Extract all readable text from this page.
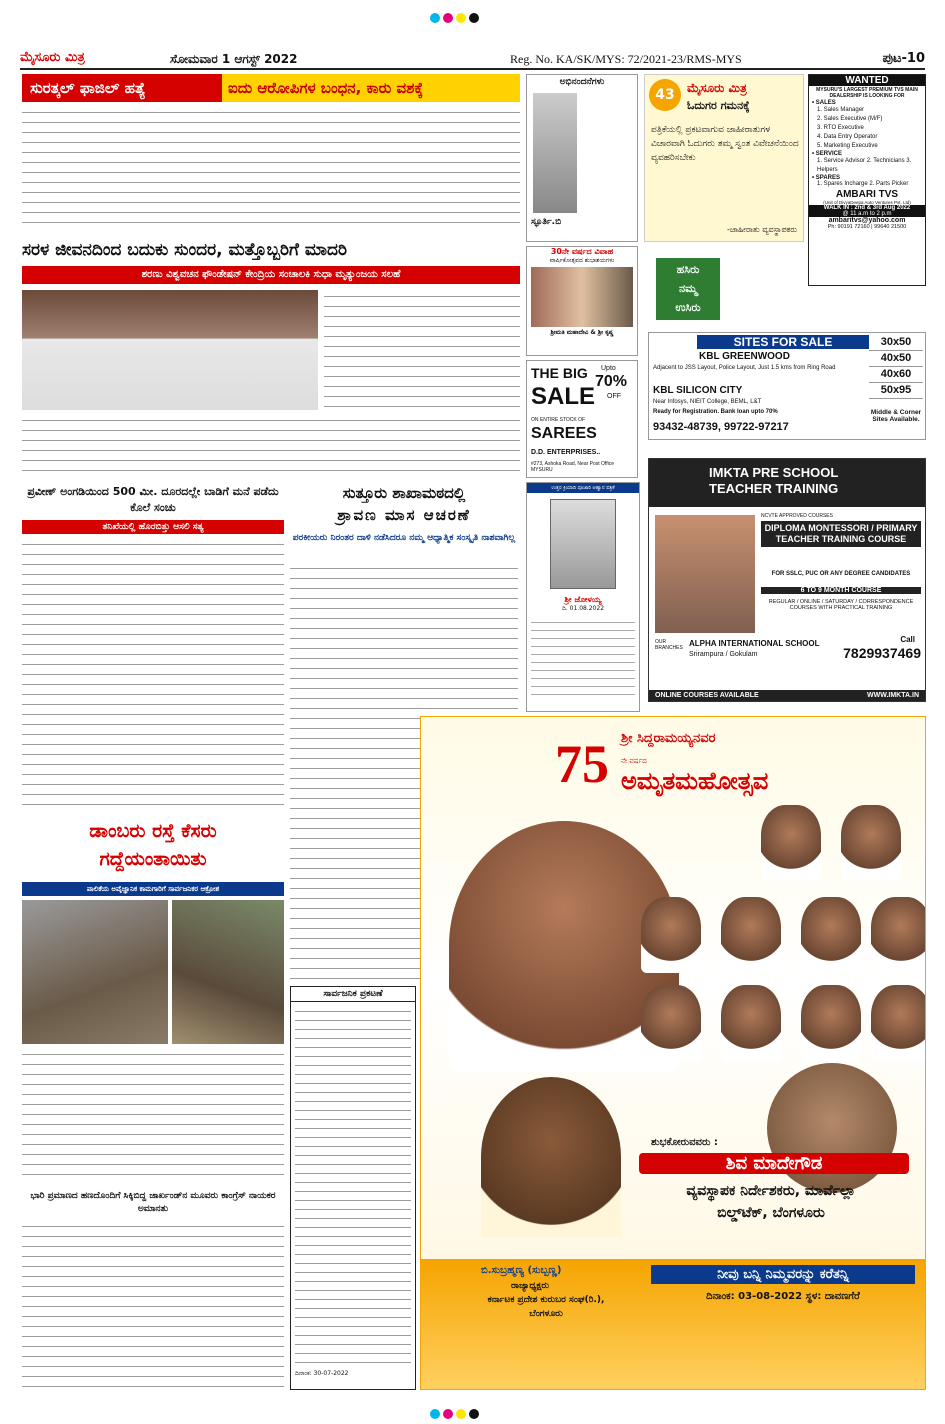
ಮೈಸೂರು ಮಿತ್ರ	ಸೋಮವಾರ 1 ಆಗಸ್ಟ್ 2022	Reg. No. KA/SK/MYS: 72/2021-23/RMS-MYS	ಪುಟ-10
ಸುರತ್ಕಲ್ ಫಾಜಿಲ್ ಹತ್ಯೆ	ಐದು ಆರೋಪಿಗಳ ಬಂಧನ, ಕಾರು ವಶಕ್ಕೆ
ಸರಳ ಜೀವನದಿಂದ ಬದುಕು ಸುಂದರ, ಮತ್ತೊಬ್ಬರಿಗೆ ಮಾದರಿ
ಶರಣು ವಿಶ್ವವಚನ ಫೌಂಡೇಷನ್ ಕೇಂದ್ರಿಯ ಸಂಚಾಲಕಿ ಸುಧಾ ಮೃತ್ಯುಂಜಯ ಸಲಹೆ
ಅಭಿನಂದನೆಗಳು
ಸ್ಫೂರ್ತಿ.ಬಿ
30ನೇ ವರ್ಷದ ವಿವಾಹ
ವಾರ್ಷಿಕೋತ್ಸವದ ಶುಭಾಶಯಗಳು
ಶ್ರೀಮತಿ ಮಹಾದೇವಿ & ಶ್ರೀ ಕೃಷ್ಣ
THE BIG
SALE
Upto
70%
OFF
ON ENTIRE STOCK OF
SAREES
D.D. ENTERPRISES..
#273, Ashoka Road, Near Post Office MYSURU
43	ಮೈಸೂರು ಮಿತ್ರ
ಓದುಗರ ಗಮನಕ್ಕೆ
ಪತ್ರಿಕೆಯಲ್ಲಿ ಪ್ರಕಟವಾಗುವ ಜಾಹೀರಾತುಗಳ ವಿಚಾರವಾಗಿ ಓದುಗರು ತಮ್ಮ ಸ್ವಂತ ವಿವೇಚನೆಯಿಂದ ವ್ಯವಹರಿಸಬೇಕು
-ಜಾಹೀರಾತು ವ್ಯವಸ್ಥಾಪಕರು
ಹಸಿರು
ನಮ್ಮ
ಉಸಿರು
WANTED
MYSURU'S LARGEST PREMIUM TVS MAIN DEALERSHIP IS LOOKING FOR
• SALES
1. Sales Manager
2. Sales Executive (M/F)
3. RTO Executive
4. Data Entry Operator
5. Marketing Executive
• SERVICE
1. Service Advisor 2. Technicians 3. Helpers
• SPARES
1. Spares Incharge 2. Parts Picker
AMBARI TVS
(Unit of DivyaDeepa Auto Ventures Pvt. Ltd)
WALK IN : 2nd & 3rd Aug 2022
@ 11 a.m to 2 p.m
ambaritvs@yahoo.com
Ph: 90191 72160 | 99640 21500
SITES FOR SALE
KBL GREENWOOD
Adjacent to JSS Layout, Police Layout, Just 1.5 kms from Ring Road
KBL SILICON CITY
Near Infosys, NIEIT College, BEML, L&T
Ready for Registration. Bank loan upto 70%
93432-48739, 99722-97217
30x50
40x50
40x60
50x95
Middle & Corner Sites Available.
ಉತ್ತರ ಕ್ರಿಯಾದಿ ಪೂಜಾರಿ ಆಹ್ವಾನ ಪತ್ರಿಕೆ
ಶ್ರೀ ಜೋಳಯ್ಯ
ದಿ. 01.08.2022
IMKTA PRE SCHOOL
TEACHER TRAINING
NCVTE APPROVED COURSES
DIPLOMA MONTESSORI / PRIMARY TEACHER TRAINING COURSE
FOR SSLC, PUC OR ANY DEGREE CANDIDATES
6 TO 9 MONTH COURSE
REGULAR / ONLINE / SATURDAY / CORRESPONDENCE COURSES WITH PRACTICAL TRAINING
OUR BRANCHES ALPHA INTERNATIONAL SCHOOL
Srirampura / Gokulam
Call
7829937469
ONLINE COURSES AVAILABLE	WWW.IMKTA.IN
ಪ್ರವೀಣ್ ಅಂಗಡಿಯಿಂದ 500 ಮೀ. ದೂರದಲ್ಲೇ ಬಾಡಿಗೆ ಮನೆ ಪಡೆದು ಕೊಲೆ ಸಂಚು
ತನಿಖೆಯಲ್ಲಿ ಹೊರಬಿತ್ತು ಆಸಲಿ ಸತ್ಯ
ಸುತ್ತೂರು ಶಾಖಾಮಠದಲ್ಲಿ
ಶ್ರಾವಣ ಮಾಸ ಆಚರಣೆ
ಪರಕೀಯರು ನಿರಂತರ ದಾಳಿ ನಡೆಸಿದರೂ ನಮ್ಮ ಆಧ್ಯಾತ್ಮಿಕ ಸಂಸ್ಕೃತಿ ನಾಶವಾಗಿಲ್ಲ
ಡಾಂಬರು ರಸ್ತೆ ಕೆಸರು
ಗದ್ದೆಯಂತಾಯಿತು
ಪಾಲಿಕೆಯ ಅವೈಜ್ಞಾನಿಕ ಕಾಮಗಾರಿಗೆ ಸಾರ್ವಜನಿಕರ ಆಕ್ರೋಶ
ಭಾರಿ ಪ್ರಮಾಣದ ಹಣದೊಂದಿಗೆ ಸಿಕ್ಕಿಬಿದ್ದ ಜಾರ್ಖಂಡ್‌ನ ಮೂವರು ಕಾಂಗ್ರೆಸ್ ನಾಯಕರ ಅಮಾನತು
ಸಾರ್ವಜನಿಕ ಪ್ರಕಟಣೆ
ದಿನಾಂಕ: 30-07-2022
ಶ್ರೀ ಸಿದ್ದರಾಮಯ್ಯನವರ
75 ನೇ ವರ್ಷದ
ಅಮೃತಮಹೋತ್ಸವ
ಶುಭಕೋರುವವರು :
ಶಿವ ಮಾದೇಗೌಡ
ವ್ಯವಸ್ಥಾಪಕ ನಿರ್ದೇಶಕರು, ಮಾರ್ವೆಲ್ಲಾ
ಬಿಲ್ಡ್‌ಟೆಕ್, ಬೆಂಗಳೂರು
ಬಿ.ಸುಬ್ರಹ್ಮಣ್ಯ (ಸುಬ್ಬಣ್ಣ)
ರಾಜ್ಯಾಧ್ಯಕ್ಷರು
ಕರ್ನಾಟಕ ಪ್ರದೇಶ ಕುರುಬರ ಸಂಘ(ರಿ.),
ಬೆಂಗಳೂರು
ನೀವು ಬನ್ನಿ ನಿಮ್ಮವರನ್ನು ಕರೆತನ್ನಿ
ದಿನಾಂಕ: 03-08-2022 ಸ್ಥಳ: ದಾವಣಗೆರೆ
